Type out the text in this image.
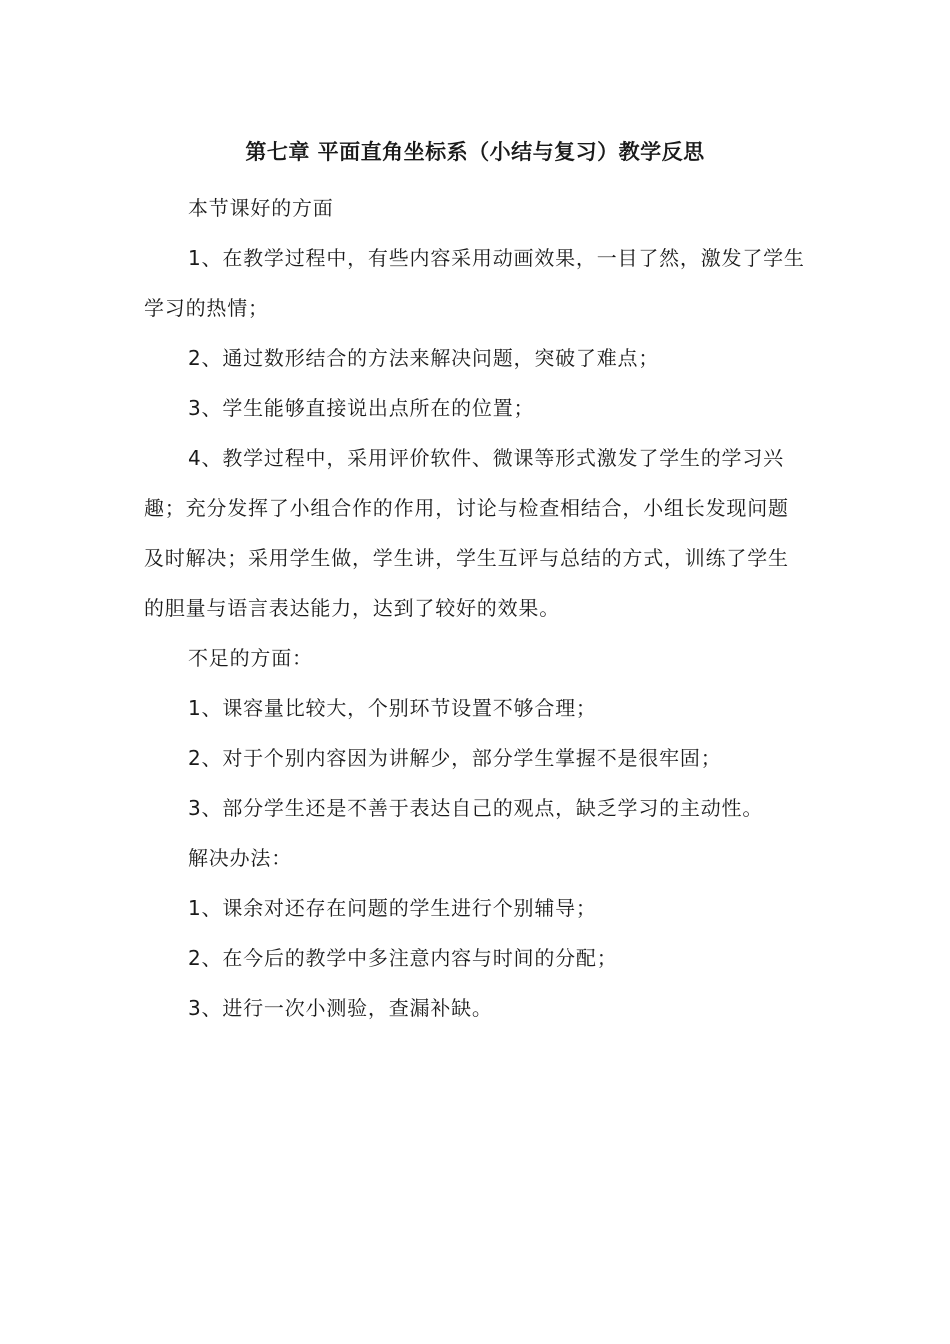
第七章 平面直角坐标系（小结与复习）教学反思

本节课好的方面

1、在教学过程中，有些内容采用动画效果，一目了然，激发了学生学习的热情；

2、通过数形结合的方法来解决问题，突破了难点；

3、学生能够直接说出点所在的位置；

4、教学过程中，采用评价软件、微课等形式激发了学生的学习兴趣；充分发挥了小组合作的作用，讨论与检查相结合，小组长发现问题及时解决；采用学生做，学生讲，学生互评与总结的方式，训练了学生的胆量与语言表达能力，达到了较好的效果。

不足的方面：

1、课容量比较大，个别环节设置不够合理；

2、对于个别内容因为讲解少，部分学生掌握不是很牢固；

3、部分学生还是不善于表达自己的观点，缺乏学习的主动性。

解决办法：

1、课余对还存在问题的学生进行个别辅导；

2、在今后的教学中多注意内容与时间的分配；

3、进行一次小测验，查漏补缺。
